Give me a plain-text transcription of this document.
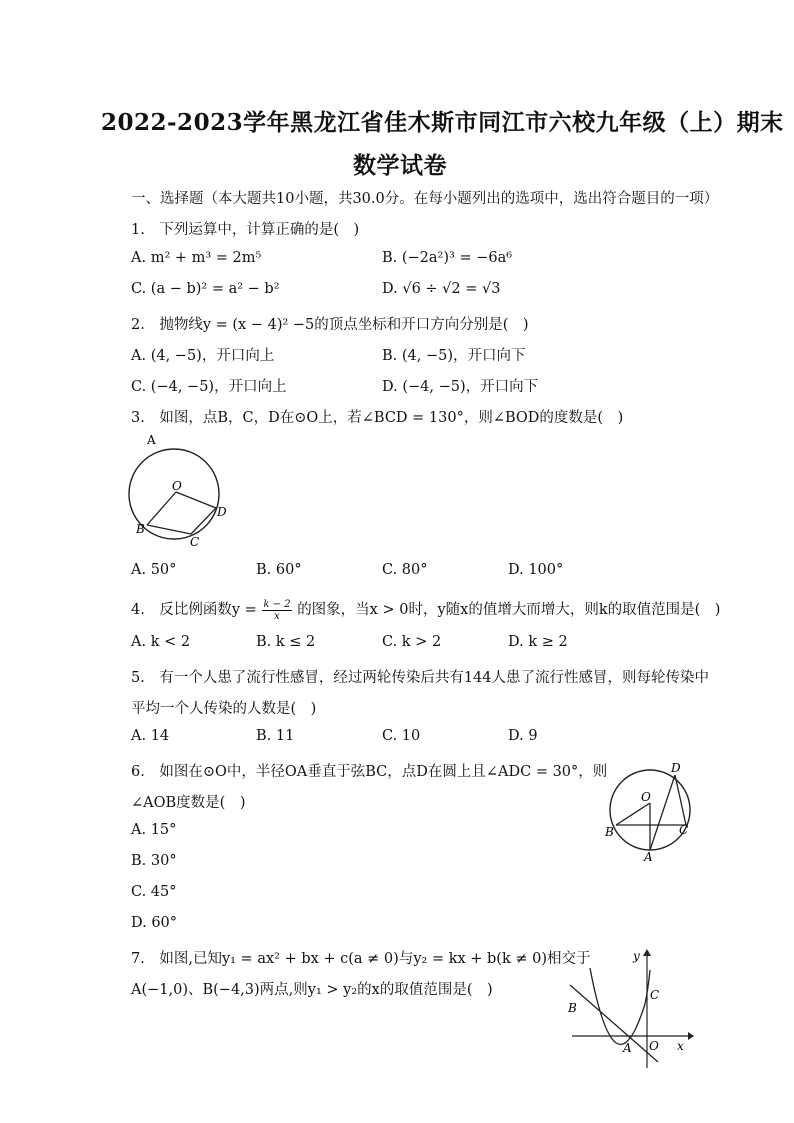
2022-2023学年黑龙江省佳木斯市同江市六校九年级（上）期末
数学试卷
一、选择题（本大题共10小题，共30.0分。在每小题列出的选项中，选出符合题目的一项）
1.　下列运算中，计算正确的是(　)
A. m² + m³ = 2m⁵	B. (−2a²)³ = −6a⁶
C. (a − b)² = a² − b²	D. √6 ÷ √2 = √3
2.　抛物线y = (x − 4)² −5的顶点坐标和开口方向分别是(　)
A. (4, −5)，开口向上	B. (4, −5)，开口向下
C. (−4, −5)，开口向上	D. (−4, −5)，开口向下
3.　如图，点B，C，D在⊙O上，若∠BCD = 130°，则∠BOD的度数是(　)
A
O
D
B
C
A. 50°	B. 60°	C. 80°	D. 100°
4.　反比例函数$y = \frac{k - 2}{x}$ 的图象，当x > 0时，y随x的值增大而增大，则k的取值范围是(　)
A. k < 2	B. k ≤ 2	C. k > 2	D. k ≥ 2
5.　有一个人患了流行性感冒，经过两轮传染后共有144人患了流行性感冒，则每轮传染中
平均一个人传染的人数是(　)
A. 14	B. 11	C. 10	D. 9
6.　如图在⊙O中，半径OA垂直于弦BC，点D在圆上且∠ADC = 30°，则
∠AOB度数是(　)
A. 15°
B. 30°
C. 45°
D. 60°
D
O
B	C
A
7.　如图,已知y₁ = ax² + bx + c(a ≠ 0)与y₂ = kx + b(k ≠ 0)相交于
A(−1,0)、B(−4,3)两点,则y₁ > y₂的x的取值范围是(　)
y
C
B
A O x
